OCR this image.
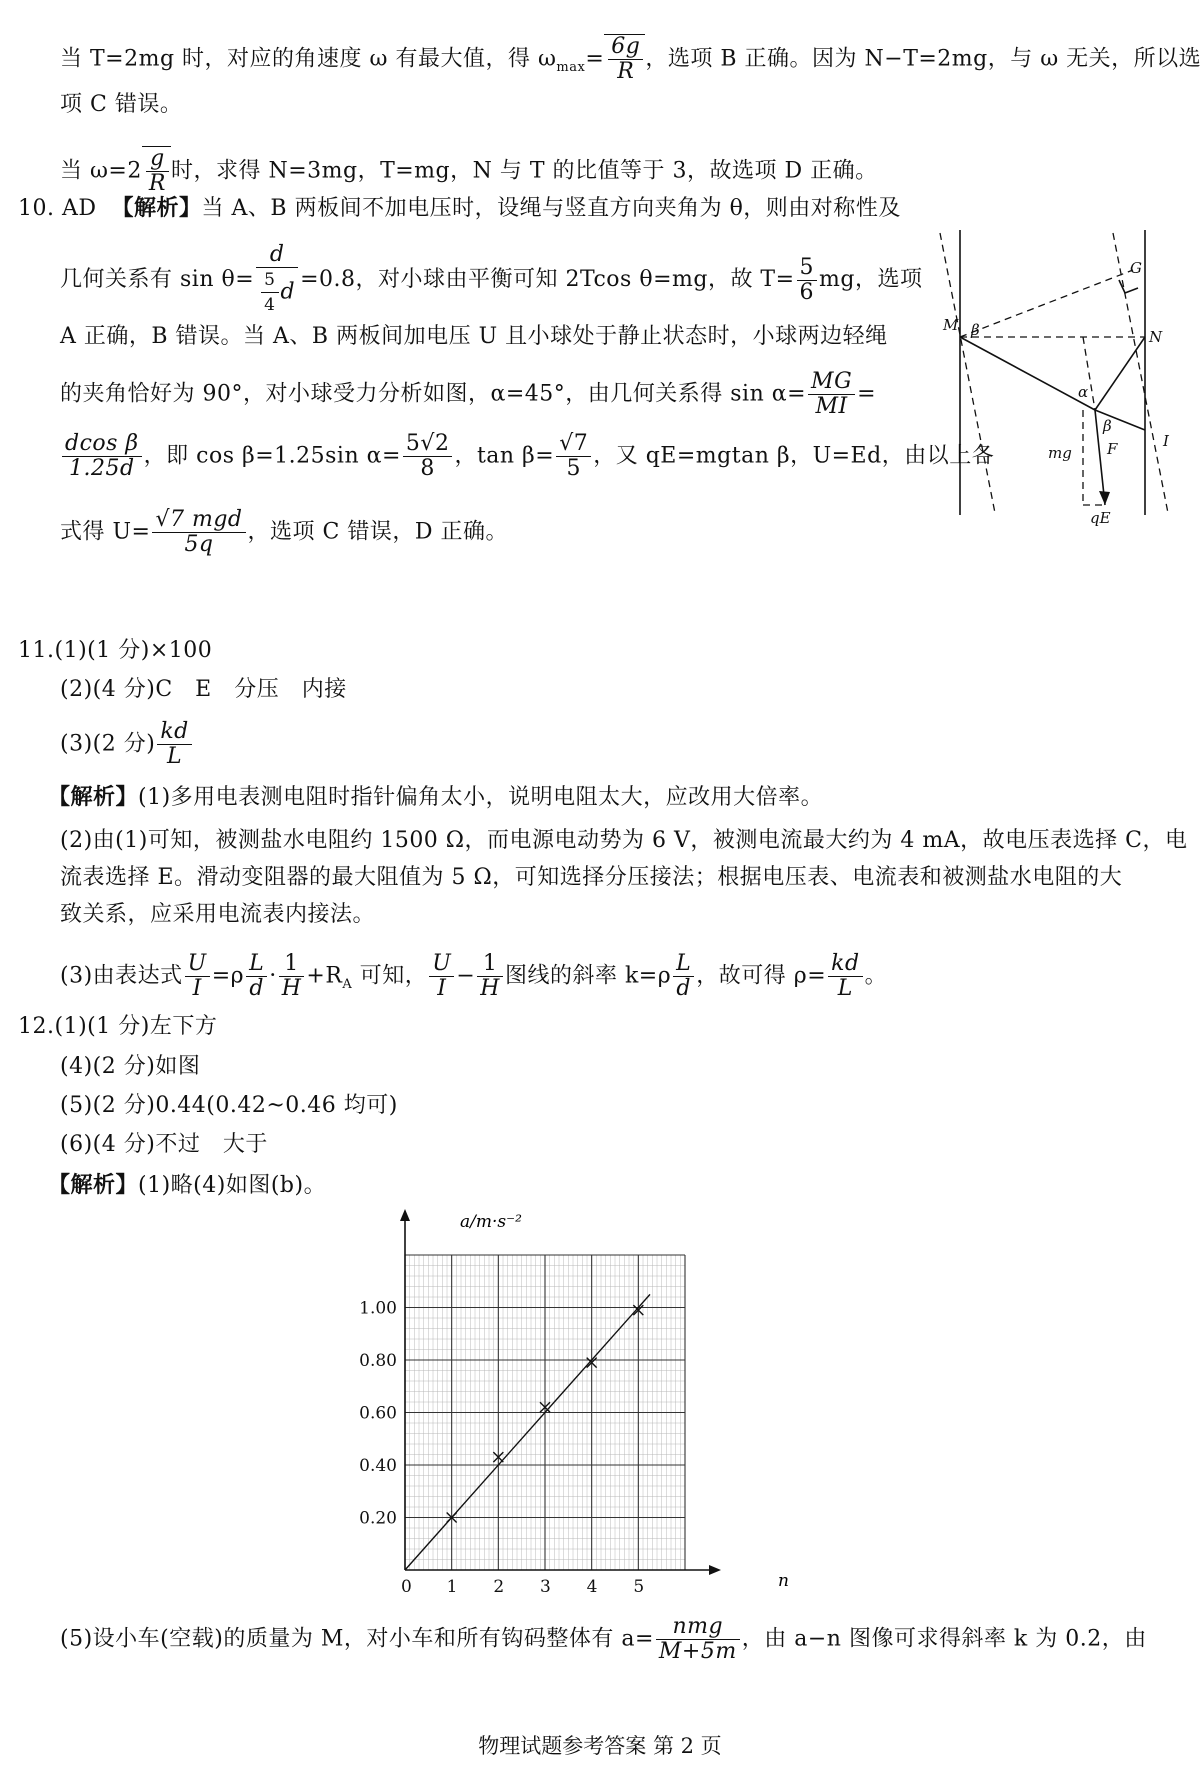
当 T=2mg 时，对应的角速度 ω 有最大值，得 $\omega_{max}= \frac{6g}{R}$ ，选项 B 正确。因为 N−T=2mg，与 ω 无关，所以选
项 C 错误。
当 $\omega=2 \frac{g}{R}$ 时，求得 N=3mg，T=mg，N 与 T 的比值等于 3，故选项 D 正确。
10. AD 【解析】当 A、B 两板间不加电压时，设绳与竖直方向夹角为 θ，则由对称性及
几何关系有 $\sin \theta= \frac{d}{\frac{5}{4} d} =0.8$，对小球由平衡可知 2Tcos θ=mg，故 $T= \frac{5}{6}$ mg，选项
A 正确，B 错误。当 A、B 两板间加电压 U 且小球处于静止状态时，小球两边轻绳
的夹角恰好为 90°，对小球受力分析如图，α=45°，由几何关系得 $\sin \alpha= \frac{MG}{MI}$ =
$\frac{\text{dcos β}}{1.25d}$ ，即 cos β=1.25sin $\alpha= \frac{5√2}{8}$ ，$\tan \beta= \frac{√7}{5}$ ，又 qE=mgtan β，U=Ed，由以上各
式得 $U= \frac{\text{√7 mgd}}{5q}$ ，选项 C 错误，D 正确。
M β	N
G
α
β
mg F
qE
I
11.(1)(1 分)×100
(2)(4 分)C　E　分压　内接
(3)(2 分) $\frac{kd}{L}$
【解析】(1)多用电表测电阻时指针偏角太小，说明电阻太大，应改用大倍率。
(2)由(1)可知，被测盐水电阻约 1500 Ω，而电源电动势为 6 V，被测电流最大约为 4 mA，故电压表选择 C，电
流表选择 E。滑动变阻器的最大阻值为 5 Ω，可知选择分压接法；根据电压表、电流表和被测盐水电阻的大
致关系，应采用电流表内接法。
(3)由表达式 $\frac{U}{I} =\rho \frac{L}{d} \cdot \frac{1}{H} +R_A$ 可知， $\frac{U}{I} - \frac{1}{H}$ 图线的斜率 $k=\rho \frac{L}{d}$ ，故可得 $\rho= \frac{kd}{L}$ 。
12.(1)(1 分)左下方
(4)(2 分)如图
(5)(2 分)0.44(0.42~0.46 均可)
(6)(4 分)不过　大于
【解析】(1)略(4)如图(b)。
0 1 2 3 4 5
0.20
0.40
0.60
0.80
1.00
a/m·s⁻²
n
(5)设小车(空载)的质量为 M，对小车和所有钩码整体有 $a= \frac{\text{nmg}}{M+5m}$ ，由 a−n 图像可求得斜率 k 为 0.2，由
物理试题参考答案 第 2 页
